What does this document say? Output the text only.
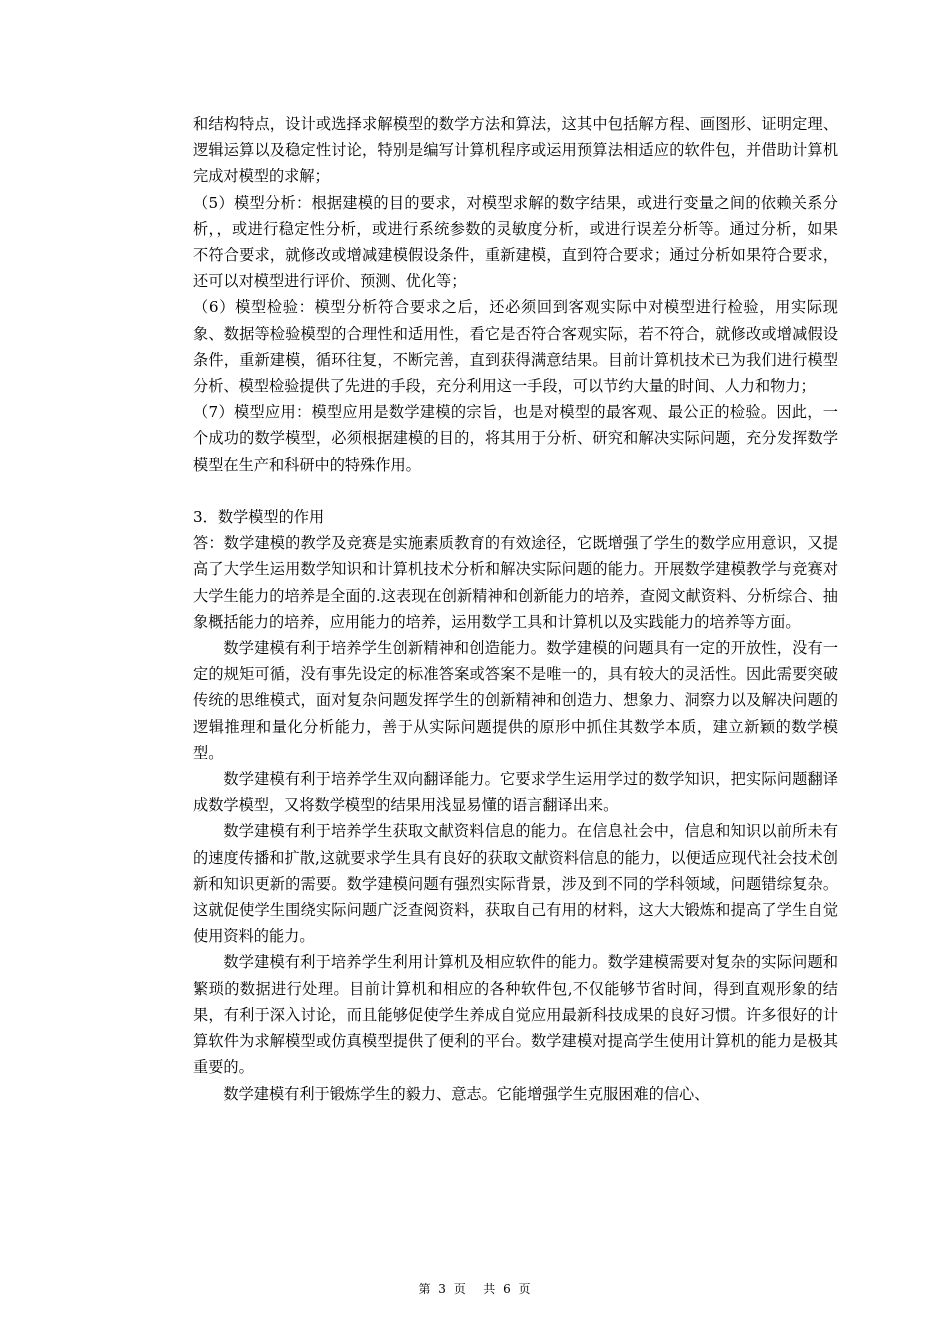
和结构特点，设计或选择求解模型的数学方法和算法，这其中包括解方程、画图形、证明定理、逻辑运算以及稳定性讨论，特别是编写计算机程序或运用预算法相适应的软件包，并借助计算机完成对模型的求解；

（5）模型分析：根据建模的目的要求，对模型求解的数字结果，或进行变量之间的依赖关系分析，，或进行稳定性分析，或进行系统参数的灵敏度分析，或进行误差分析等。通过分析，如果不符合要求，就修改或增减建模假设条件，重新建模，直到符合要求；通过分析如果符合要求，还可以对模型进行评价、预测、优化等；

（6）模型检验：模型分析符合要求之后，还必须回到客观实际中对模型进行检验，用实际现象、数据等检验模型的合理性和适用性，看它是否符合客观实际，若不符合，就修改或增减假设条件，重新建模，循环往复，不断完善，直到获得满意结果。目前计算机技术已为我们进行模型分析、模型检验提供了先进的手段，充分利用这一手段，可以节约大量的时间、人力和物力；

（7）模型应用：模型应用是数学建模的宗旨，也是对模型的最客观、最公正的检验。因此，一个成功的数学模型，必须根据建模的目的，将其用于分析、研究和解决实际问题，充分发挥数学模型在生产和科研中的特殊作用。

3．数学模型的作用

答：数学建模的教学及竞赛是实施素质教育的有效途径，它既增强了学生的数学应用意识，又提高了大学生运用数学知识和计算机技术分析和解决实际问题的能力。开展数学建模教学与竞赛对大学生能力的培养是全面的.这表现在创新精神和创新能力的培养，查阅文献资料、分析综合、抽象概括能力的培养，应用能力的培养，运用数学工具和计算机以及实践能力的培养等方面。

数学建模有利于培养学生创新精神和创造能力。数学建模的问题具有一定的开放性，没有一定的规矩可循，没有事先设定的标准答案或答案不是唯一的，具有较大的灵活性。因此需要突破传统的思维模式，面对复杂问题发挥学生的创新精神和创造力、想象力、洞察力以及解决问题的逻辑推理和量化分析能力，善于从实际问题提供的原形中抓住其数学本质，建立新颖的数学模型。

数学建模有利于培养学生双向翻译能力。它要求学生运用学过的数学知识，把实际问题翻译成数学模型，又将数学模型的结果用浅显易懂的语言翻译出来。

数学建模有利于培养学生获取文献资料信息的能力。在信息社会中，信息和知识以前所未有的速度传播和扩散,这就要求学生具有良好的获取文献资料信息的能力，以便适应现代社会技术创新和知识更新的需要。数学建模问题有强烈实际背景，涉及到不同的学科领域，问题错综复杂。这就促使学生围绕实际问题广泛查阅资料，获取自己有用的材料，这大大锻炼和提高了学生自觉使用资料的能力。

数学建模有利于培养学生利用计算机及相应软件的能力。数学建模需要对复杂的实际问题和繁琐的数据进行处理。目前计算机和相应的各种软件包,不仅能够节省时间，得到直观形象的结果，有利于深入讨论，而且能够促使学生养成自觉应用最新科技成果的良好习惯。许多很好的计算软件为求解模型或仿真模型提供了便利的平台。数学建模对提高学生使用计算机的能力是极其重要的。

数学建模有利于锻炼学生的毅力、意志。它能增强学生克服困难的信心、

第 3 页 共 6 页
